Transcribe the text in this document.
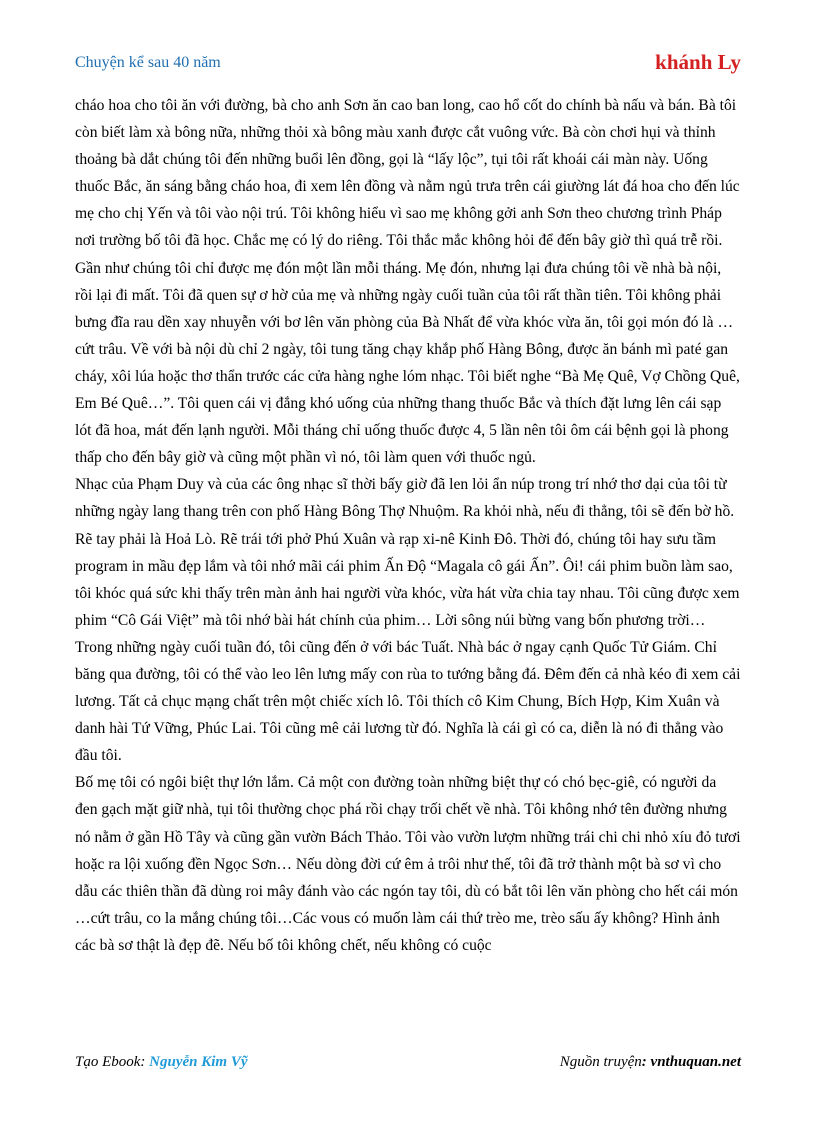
Chuyện kể sau 40 năm	khánh Ly

cháo hoa cho tôi ăn với đường, bà cho anh Sơn ăn cao ban long, cao hổ cốt do chính bà nấu và bán. Bà tôi còn biết làm xà bông nữa, những thỏi xà bông màu xanh được cắt vuông vức. Bà còn chơi hụi và thỉnh thoảng bà dắt chúng tôi đến những buổi lên đồng, gọi là “lấy lộc”, tụi tôi rất khoái cái màn này. Uống thuốc Bắc, ăn sáng bằng cháo hoa, đi xem lên đồng và nằm ngủ trưa trên cái giường lát đá hoa cho đến lúc mẹ cho chị Yến và tôi vào nội trú. Tôi không hiểu vì sao mẹ không gởi anh Sơn theo chương trình Pháp nơi trường bố tôi đã học. Chắc mẹ có lý do riêng. Tôi thắc mắc không hỏi để đến bây giờ thì quá trễ rồi.

Gần như chúng tôi chỉ được mẹ đón một lần mỗi tháng. Mẹ đón, nhưng lại đưa chúng tôi về nhà bà nội, rồi lại đi mất. Tôi đã quen sự ơ hờ của mẹ và những ngày cuối tuần của tôi rất thần tiên. Tôi không phải bưng đĩa rau dền xay nhuyễn với bơ lên văn phòng của Bà Nhất để vừa khóc vừa ăn, tôi gọi món đó là …cứt trâu. Về với bà nội dù chỉ 2 ngày, tôi tung tăng chạy khắp phố Hàng Bông, được ăn bánh mì paté gan cháy, xôi lúa hoặc thơ thẩn trước các cửa hàng nghe lóm nhạc. Tôi biết nghe “Bà Mẹ Quê, Vợ Chồng Quê, Em Bé Quê…”. Tôi quen cái vị đắng khó uống của những thang thuốc Bắc và thích đặt lưng lên cái sạp lót đã hoa, mát đến lạnh người. Mỗi tháng chỉ uống thuốc được 4, 5 lần nên tôi ôm cái bệnh gọi là phong thấp cho đến bây giờ và cũng một phần vì nó, tôi làm quen với thuốc ngủ.

Nhạc của Phạm Duy và của các ông nhạc sĩ thời bấy giờ đã len lỏi ẩn núp trong trí nhớ thơ dại của tôi từ những ngày lang thang trên con phố Hàng Bông Thợ Nhuộm. Ra khỏi nhà, nếu đi thẳng, tôi sẽ đến bờ hồ. Rẽ tay phải là Hoả Lò. Rẽ trái tới phở Phú Xuân và rạp xi-nê Kinh Đô. Thời đó, chúng tôi hay sưu tầm program in mầu đẹp lắm và tôi nhớ mãi cái phim Ấn Độ “Magala cô gái Ấn”. Ôi! cái phim buồn làm sao, tôi khóc quá sức khi thấy trên màn ảnh hai người vừa khóc, vừa hát vừa chia tay nhau. Tôi cũng được xem phim “Cô Gái Việt” mà tôi nhớ bài hát chính của phim… Lời sông núi bừng vang bốn phương trời… Trong những ngày cuối tuần đó, tôi cũng đến ở với bác Tuất. Nhà bác ở ngay cạnh Quốc Tử Giám. Chỉ băng qua đường, tôi có thể vào leo lên lưng mấy con rùa to tướng bằng đá. Đêm đến cả nhà kéo đi xem cải lương. Tất cả chục mạng chất trên một chiếc xích lô. Tôi thích cô Kim Chung, Bích Hợp, Kim Xuân và danh hài Tứ Vững, Phúc Lai. Tôi cũng mê cải lương từ đó. Nghĩa là cái gì có ca, diễn là nó đi thẳng vào đầu tôi.

Bố mẹ tôi có ngôi biệt thự lớn lắm. Cả một con đường toàn những biệt thự có chó bẹc-giê, có người da đen gạch mặt giữ nhà, tụi tôi thường chọc phá rồi chạy trối chết về nhà. Tôi không nhớ tên đường nhưng nó nằm ở gần Hồ Tây và cũng gần vườn Bách Thảo. Tôi vào vườn lượm những trái chi chi nhỏ xíu đỏ tươi hoặc ra lội xuống đền Ngọc Sơn… Nếu dòng đời cứ êm ả trôi như thế, tôi đã trở thành một bà sơ vì cho dẫu các thiên thần đã dùng roi mây đánh vào các ngón tay tôi, dù có bắt tôi lên văn phòng cho hết cái món …cứt trâu, co la mắng chúng tôi…Các vous có muốn làm cái thứ trèo me, trèo sấu ấy không? Hình ảnh các bà sơ thật là đẹp đẽ. Nếu bố tôi không chết, nếu không có cuộc

Tạo Ebook: Nguyễn Kim Vỹ	Nguồn truyện: vnthuquan.net
